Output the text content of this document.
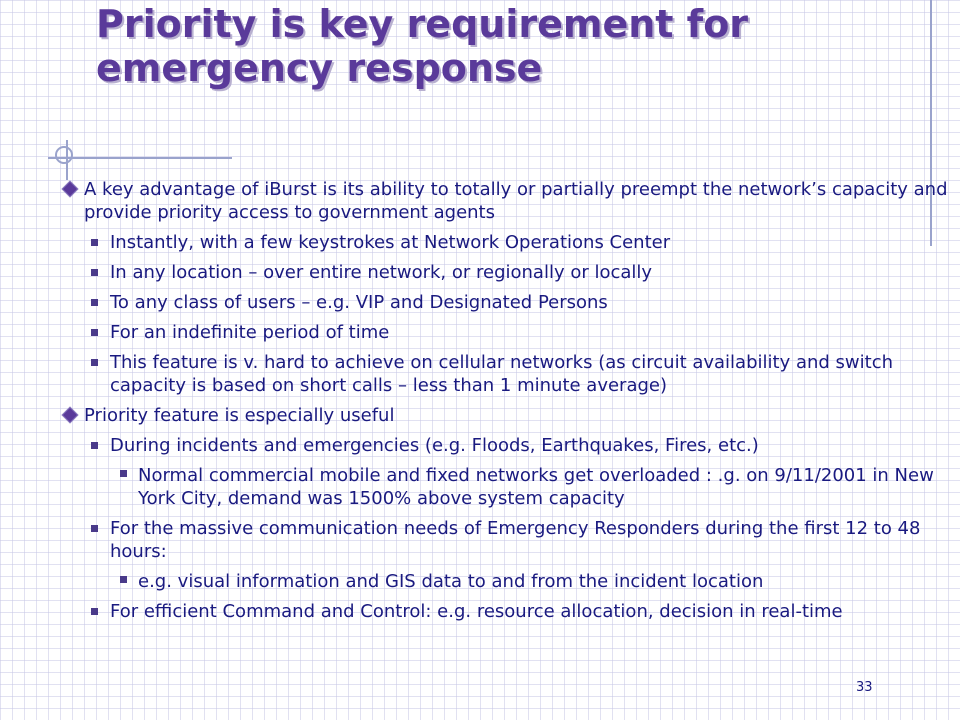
Priority is key requirement for emergency response
A key advantage of iBurst is its ability to totally or partially preempt the network’s capacity and provide priority access to government agents
Instantly, with a few keystrokes at Network Operations Center
In any location – over entire network, or regionally or locally
To any class of users – e.g. VIP and Designated Persons
For an indefinite period of time
This feature is v. hard to achieve on cellular networks (as circuit availability and switch capacity is based on short calls – less than 1 minute average)
Priority feature is especially useful
During incidents and emergencies (e.g. Floods, Earthquakes, Fires, etc.)
Normal commercial mobile and fixed networks get overloaded : .g. on 9/11/2001 in New York City, demand was 1500% above system capacity
For the massive communication needs of Emergency Responders during the first 12 to 48 hours:
e.g. visual information and GIS data to and from the incident location
For efficient Command and Control: e.g. resource allocation, decision in real-time
33
